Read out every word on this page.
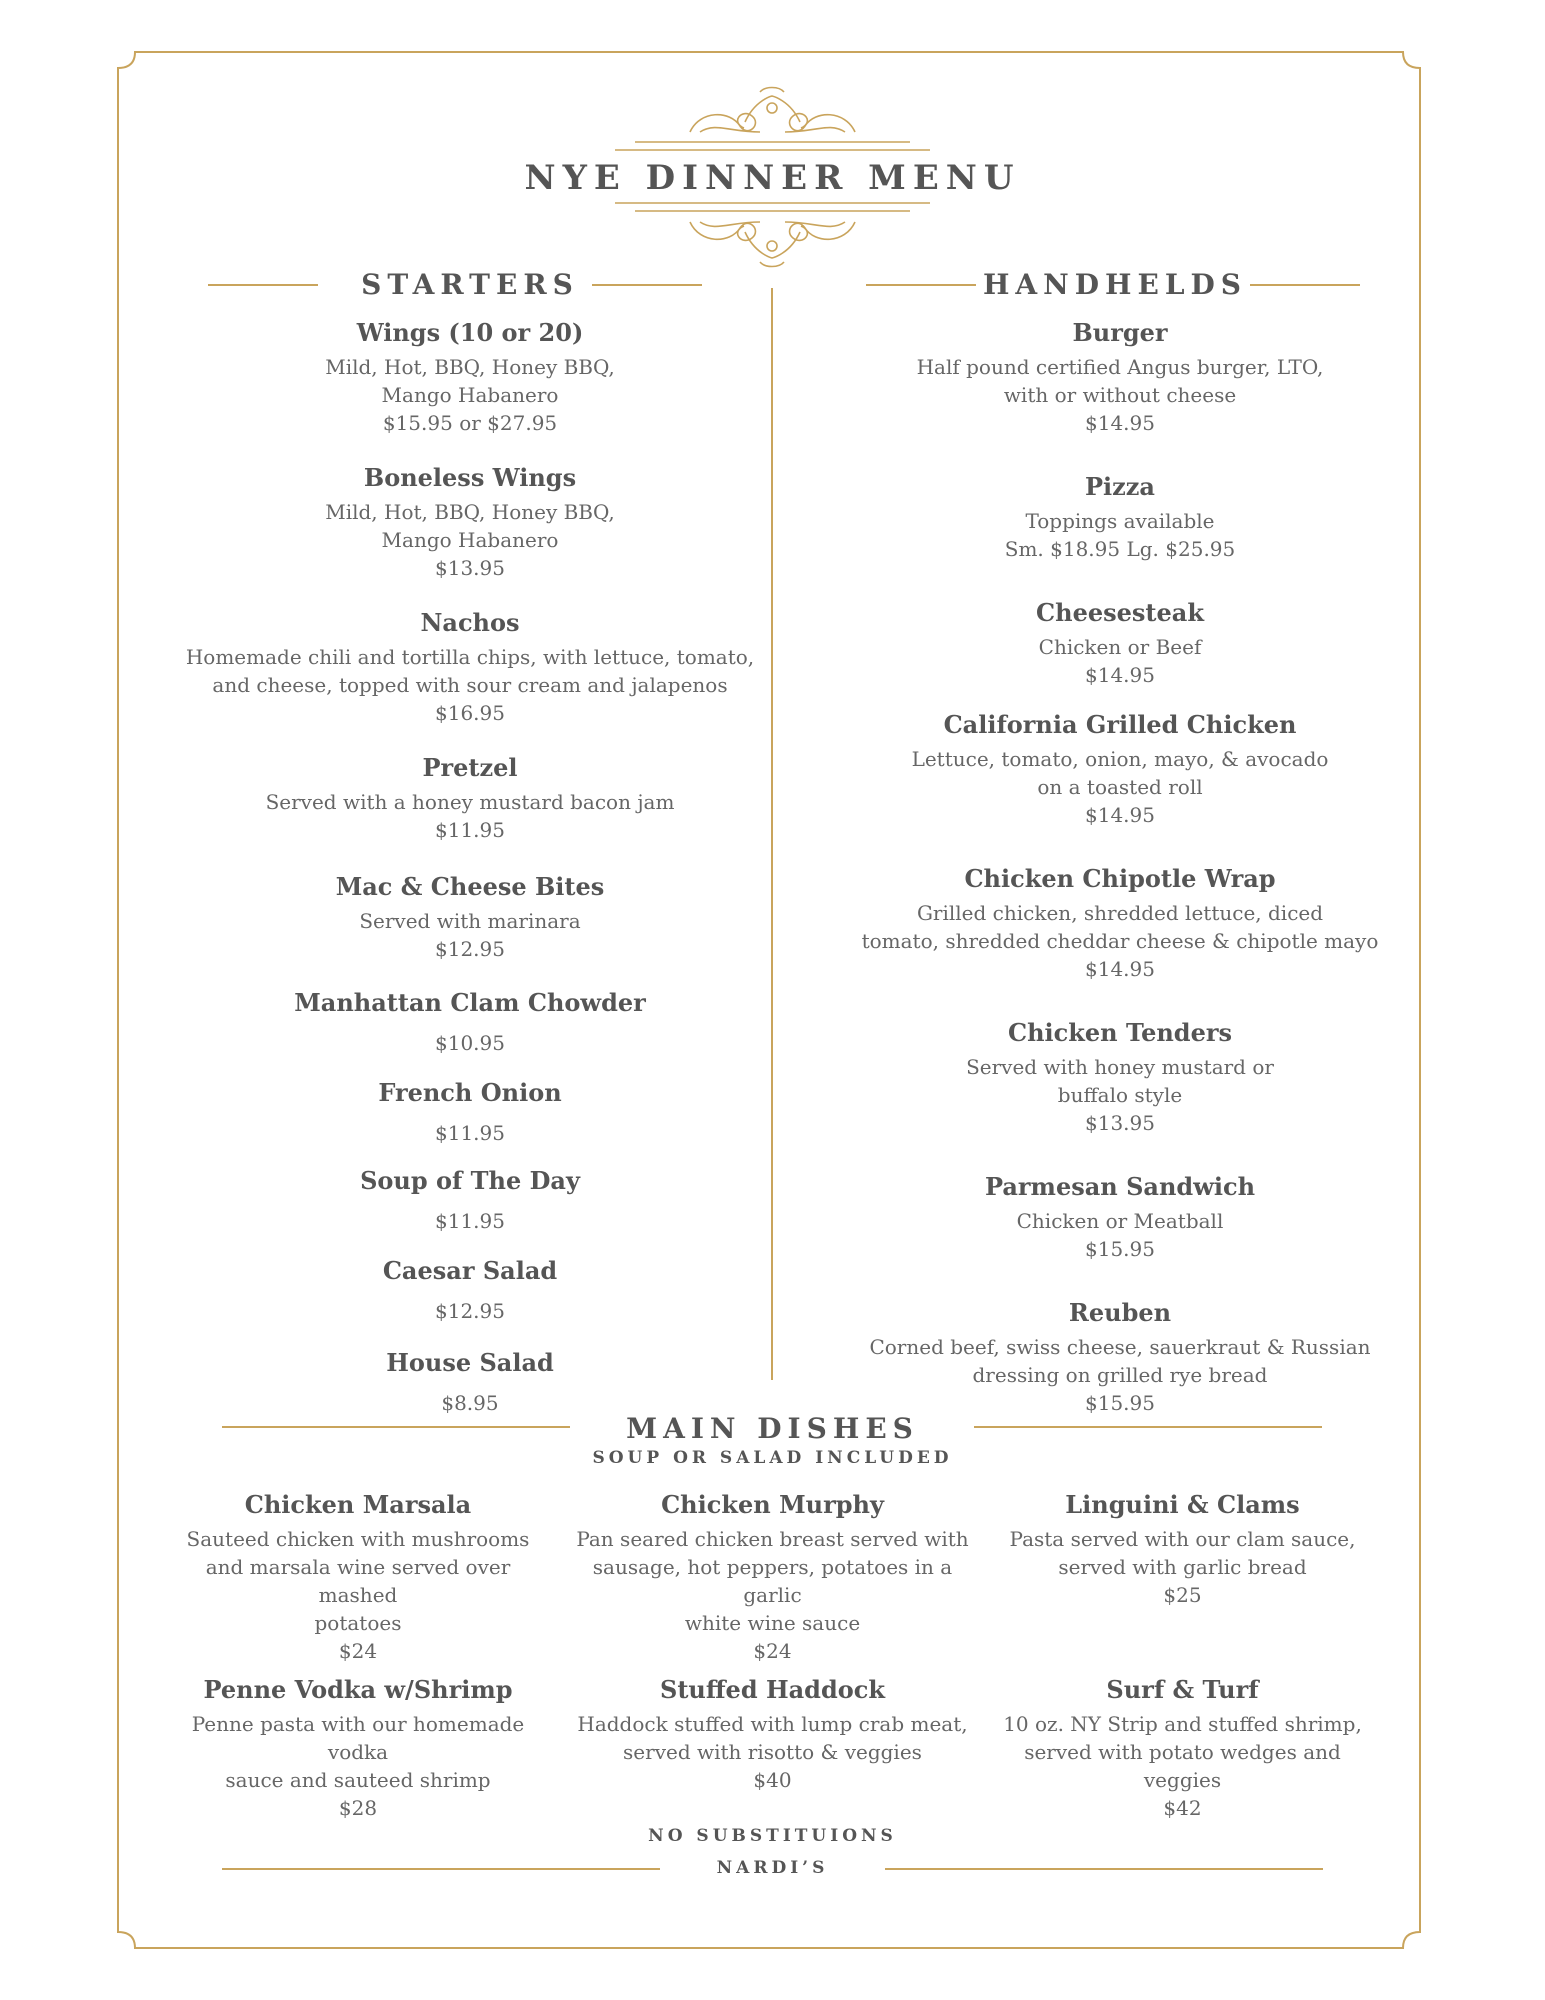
NYE DINNER MENU
STARTERS	HANDHELDS
Wings (10 or 20)
Mild, Hot, BBQ, Honey BBQ,
Mango Habanero
$15.95 or $27.95
Boneless Wings
Mild, Hot, BBQ, Honey BBQ,
Mango Habanero
$13.95
Nachos
Homemade chili and tortilla chips, with lettuce, tomato,
and cheese, topped with sour cream and jalapenos
$16.95
Pretzel
Served with a honey mustard bacon jam
$11.95
Mac & Cheese Bites
Served with marinara
$12.95
Manhattan Clam Chowder
$10.95
French Onion
$11.95
Soup of The Day
$11.95
Caesar Salad
$12.95
House Salad
$8.95
Burger
Half pound certified Angus burger, LTO,
with or without cheese
$14.95
Pizza
Toppings available
Sm. $18.95 Lg. $25.95
Cheesesteak
Chicken or Beef
$14.95
California Grilled Chicken
Lettuce, tomato, onion, mayo, & avocado
on a toasted roll
$14.95
Chicken Chipotle Wrap
Grilled chicken, shredded lettuce, diced
tomato, shredded cheddar cheese & chipotle mayo
$14.95
Chicken Tenders
Served with honey mustard or
buffalo style
$13.95
Parmesan Sandwich
Chicken or Meatball
$15.95
Reuben
Corned beef, swiss cheese, sauerkraut & Russian
dressing on grilled rye bread
$15.95
MAIN DISHES
SOUP OR SALAD INCLUDED
Chicken Marsala
Sauteed chicken with mushrooms
and marsala wine served over mashed
potatoes
$24
Chicken Murphy
Pan seared chicken breast served with
sausage, hot peppers, potatoes in a garlic
white wine sauce
$24
Linguini & Clams
Pasta served with our clam sauce,
served with garlic bread
$25
Penne Vodka w/Shrimp
Penne pasta with our homemade vodka
sauce and sauteed shrimp
$28
Stuffed Haddock
Haddock stuffed with lump crab meat,
served with risotto & veggies
$40
Surf & Turf
10 oz. NY Strip and stuffed shrimp,
served with potato wedges and veggies
$42
NO SUBSTITUIONS
NARDI’S
